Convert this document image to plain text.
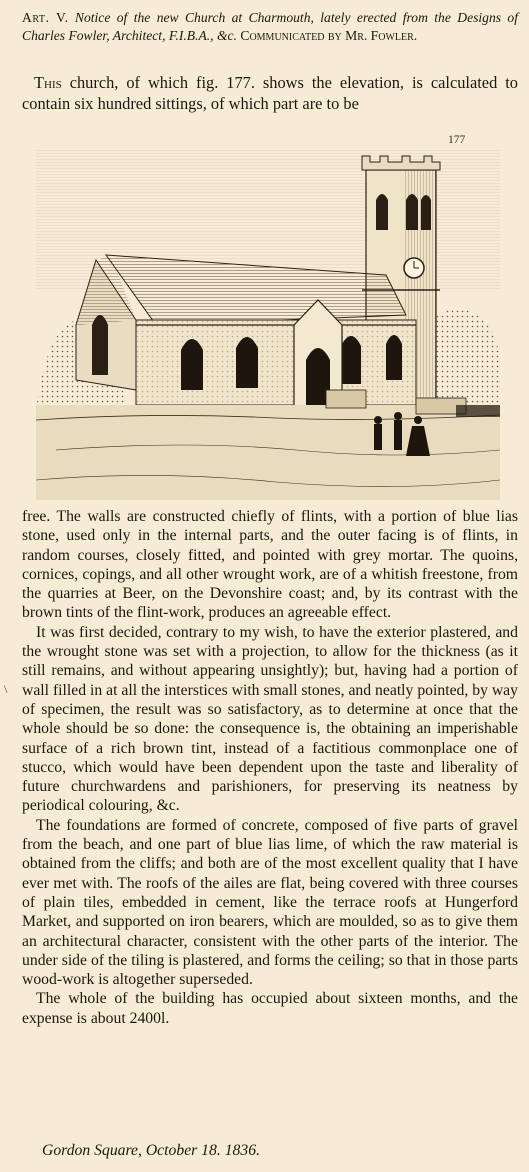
Art. V. Notice of the new Church at Charmouth, lately erected from the Designs of Charles Fowler, Architect, F.I.B.A., &c. Communicated by Mr. Fowler.
This church, of which fig. 177. shows the elevation, is calculated to contain six hundred sittings, of which part are to be
177

free. The walls are constructed chiefly of flints, with a portion of blue lias stone, used only in the internal parts, and the outer facing is of flints, in random courses, closely fitted, and pointed with grey mortar. The quoins, cornices, copings, and all other wrought work, are of a whitish freestone, from the quarries at Beer, on the Devonshire coast; and, by its contrast with the brown tints of the flint-work, produces an agreeable effect.

It was first decided, contrary to my wish, to have the exterior plastered, and the wrought stone was set with a projection, to allow for the thickness (as it still remains, and without appearing unsightly); but, having had a portion of wall filled in at all the interstices with small stones, and neatly pointed, by way of specimen, the result was so satisfactory, as to determine at once that the whole should be so done: the consequence is, the obtaining an imperishable surface of a rich brown tint, instead of a factitious commonplace one of stucco, which would have been dependent upon the taste and liberality of future churchwardens and parishioners, for preserving its neatness by periodical colouring, &c.

The foundations are formed of concrete, composed of five parts of gravel from the beach, and one part of blue lias lime, of which the raw material is obtained from the cliffs; and both are of the most excellent quality that I have ever met with. The roofs of the ailes are flat, being covered with three courses of plain tiles, embedded in cement, like the terrace roofs at Hungerford Market, and supported on iron bearers, which are moulded, so as to give them an architectural character, consistent with the other parts of the interior. The under side of the tiling is plastered, and forms the ceiling; so that in those parts wood-work is altogether superseded.

The whole of the building has occupied about sixteen months, and the expense is about 2400l.

\
Gordon Square, October 18. 1836.
